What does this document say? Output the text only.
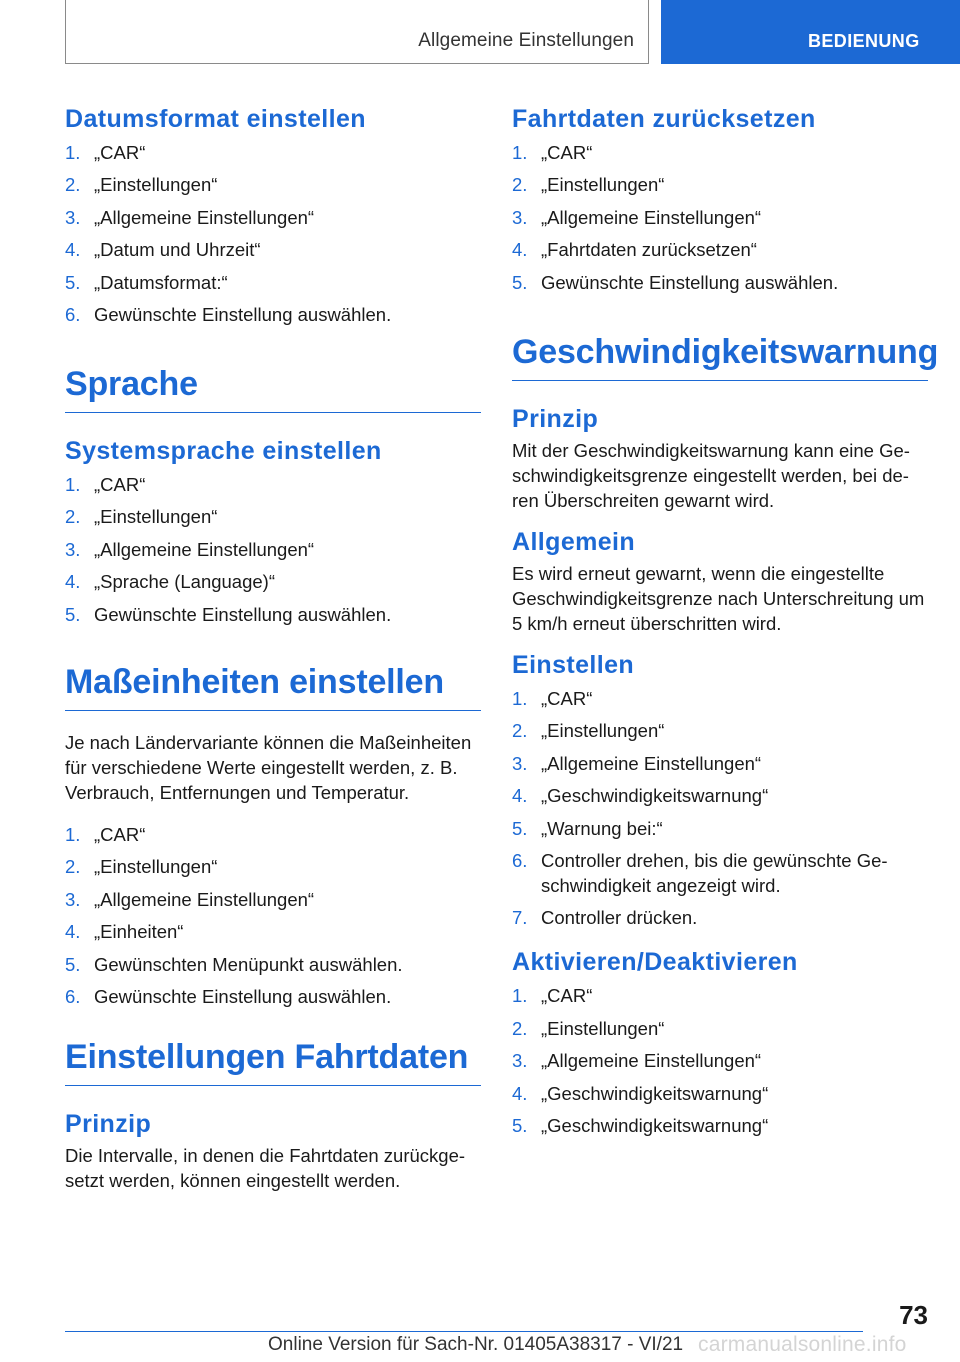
Allgemeine Einstellungen	BEDIENUNG
Datumsformat einstellen
1. „CAR“
2. „Einstellungen“
3. „Allgemeine Einstellungen“
4. „Datum und Uhrzeit“
5. „Datumsformat:“
6. Gewünschte Einstellung auswählen.
Sprache
Systemsprache einstellen
1. „CAR“
2. „Einstellungen“
3. „Allgemeine Einstellungen“
4. „Sprache (Language)“
5. Gewünschte Einstellung auswählen.
Maßeinheiten einstellen

Je nach Ländervariante können die Maßeinheiten für verschiedene Werte eingestellt werden, z. B. Verbrauch, Entfernungen und Temperatur.

1. „CAR“
2. „Einstellungen“
3. „Allgemeine Einstellungen“
4. „Einheiten“
5. Gewünschten Menüpunkt auswählen.
6. Gewünschte Einstellung auswählen.
Einstellungen Fahrtdaten
Prinzip

Die Intervalle, in denen die Fahrtdaten zurückgesetzt werden, können eingestellt werden.

Fahrtdaten zurücksetzen
1. „CAR“
2. „Einstellungen“
3. „Allgemeine Einstellungen“
4. „Fahrtdaten zurücksetzen“
5. Gewünschte Einstellung auswählen.
Geschwindigkeitswarnung
Prinzip

Mit der Geschwindigkeitswarnung kann eine Geschwindigkeitsgrenze eingestellt werden, bei deren Überschreiten gewarnt wird.

Allgemein

Es wird erneut gewarnt, wenn die eingestellte Geschwindigkeitsgrenze nach Unterschreitung um 5 km/h erneut überschritten wird.

Einstellen
1. „CAR“
2. „Einstellungen“
3. „Allgemeine Einstellungen“
4. „Geschwindigkeitswarnung“
5. „Warnung bei:“
6. Controller drehen, bis die gewünschte Geschwindigkeit angezeigt wird.
7. Controller drücken.
Aktivieren/Deaktivieren
1. „CAR“
2. „Einstellungen“
3. „Allgemeine Einstellungen“
4. „Geschwindigkeitswarnung“
5. „Geschwindigkeitswarnung“
73
Online Version für Sach-Nr. 01405A38317 - VI/21 carmanualsonline.info
